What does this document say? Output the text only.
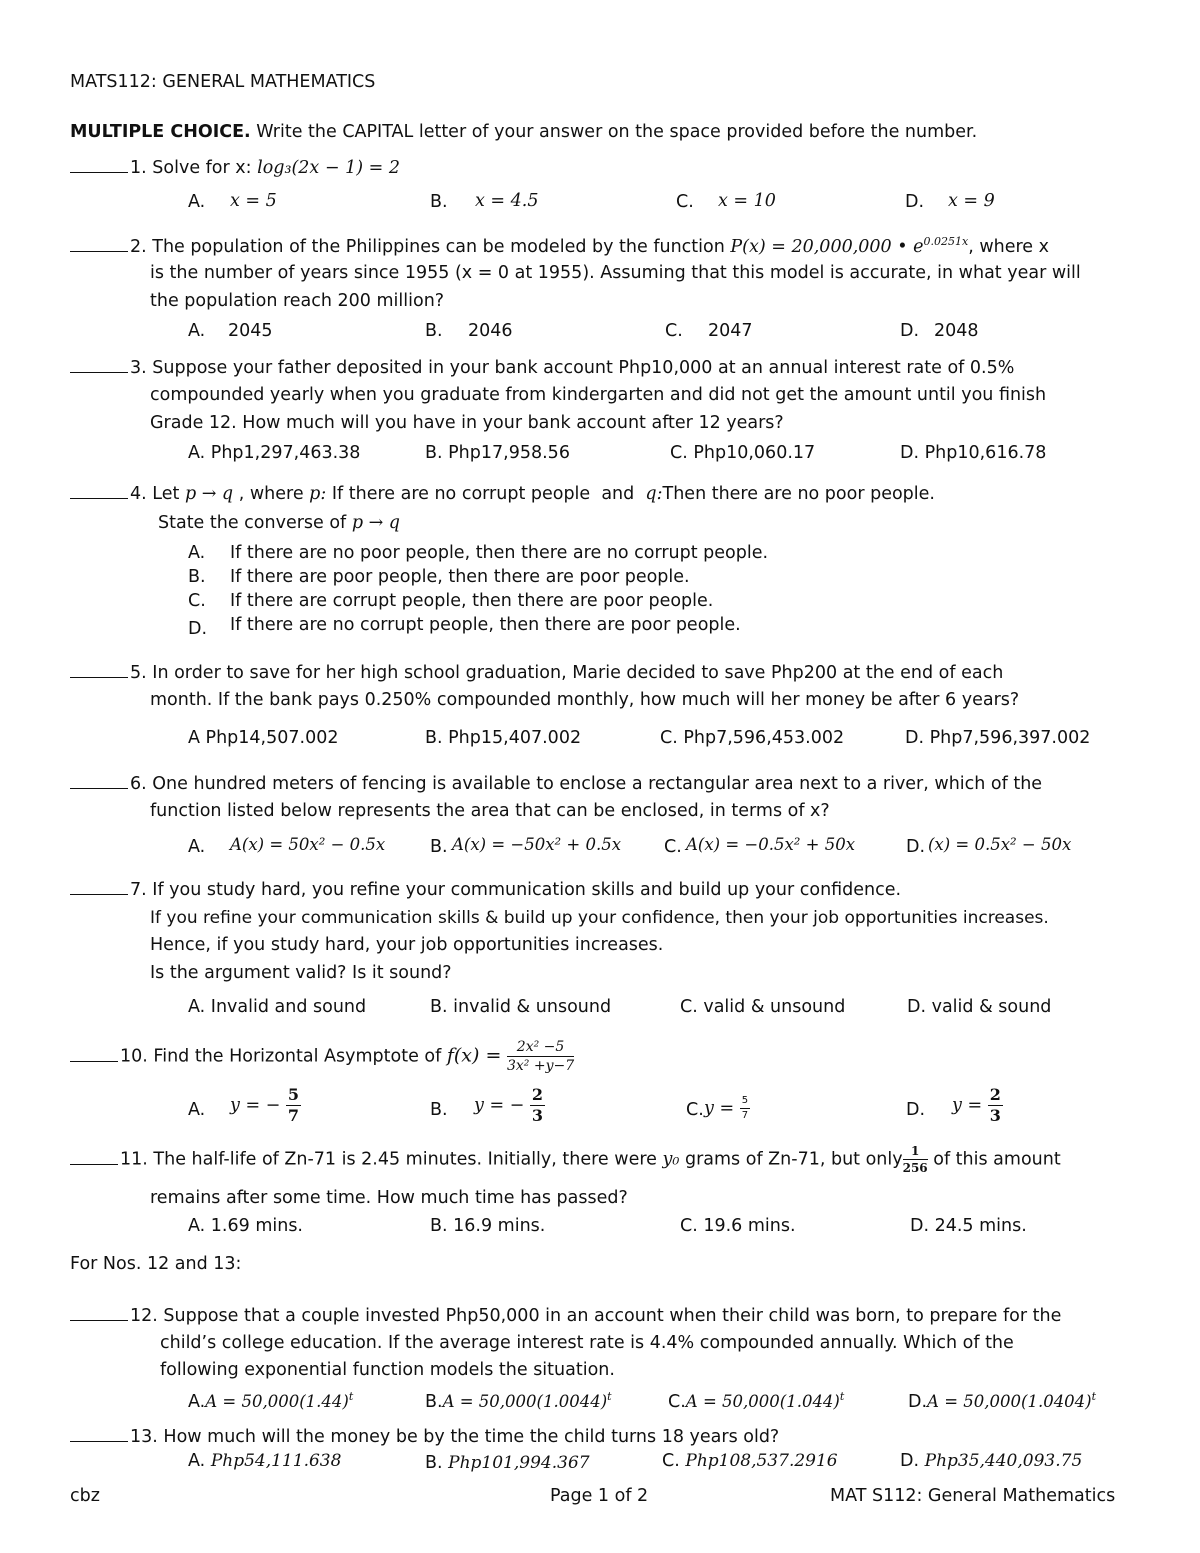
MATS112: GENERAL MATHEMATICS
MULTIPLE CHOICE. Write the CAPITAL letter of your answer on the space provided before the number.
1. Solve for x: log₃(2x − 1) = 2
A. x = 5	B. x = 4.5	C. x = 10	D. x = 9
2. The population of the Philippines can be modeled by the function P(x) = 20,000,000 • $e^{0.0251x}$, where x
is the number of years since 1955 (x = 0 at 1955). Assuming that this model is accurate, in what year will
the population reach 200 million?
A. 2045	B. 2046	C. 2047	D. 2048
3. Suppose your father deposited in your bank account Php10,000 at an annual interest rate of 0.5%
compounded yearly when you graduate from kindergarten and did not get the amount until you finish
Grade 12. How much will you have in your bank account after 12 years?
A. Php1,297,463.38	B. Php17,958.56	C. Php10,060.17	D. Php10,616.78
4. Let p → q , where p: If there are no corrupt people and q:Then there are no poor people.
State the converse of p → q
A. If there are no poor people, then there are no corrupt people.
B. If there are poor people, then there are poor people.
C. If there are corrupt people, then there are poor people.
D. If there are no corrupt people, then there are poor people.
5. In order to save for her high school graduation, Marie decided to save Php200 at the end of each
month. If the bank pays 0.250% compounded monthly, how much will her money be after 6 years?
A Php14,507.002	B. Php15,407.002	C. Php7,596,453.002	D. Php7,596,397.002
6. One hundred meters of fencing is available to enclose a rectangular area next to a river, which of the
function listed below represents the area that can be enclosed, in terms of x?
A. A(x) = 50x² − 0.5x	B. A(x) = −50x² + 0.5x C. A(x) = −0.5x² + 50x	D. (x) = 0.5x² − 50x
7. If you study hard, you refine your communication skills and build up your confidence.
If you refine your communication skills & build up your confidence, then your job opportunities increases.
Hence, if you study hard, your job opportunities increases.
Is the argument valid? Is it sound?
A. Invalid and sound	B. invalid & unsound	C. valid & unsound	D. valid & sound
10. Find the Horizontal Asymptote of $f(x) = \frac{\text{2x² −5}}{\text{3x² +y−7}}$
A. y = − $\frac{5}{7}$	B. y = − $\frac{2}{3}$	C. $y = \frac{5}{7}$	D. $y = \frac{2}{3}$
11. The half-life of Zn-71 is 2.45 minutes. Initially, there were y₀ grams of Zn-71, but only $\frac{1}{256}$ of this amount
remains after some time. How much time has passed?
A. 1.69 mins.	B. 16.9 mins.	C. 19.6 mins.	D. 24.5 mins.
For Nos. 12 and 13:
12. Suppose that a couple invested Php50,000 in an account when their child was born, to prepare for the
child’s college education. If the average interest rate is 4.4% compounded annually. Which of the
following exponential function models the situation.
$A.A = 50,000(1.44)^t$	$B.A = 50,000(1.0044)^t$	$C.A = 50,000(1.044)^t$	$D.A = 50,000(1.0404)^t$
13. How much will the money be by the time the child turns 18 years old?
A. Php54,111.638	B. Php101,994.367	C. Php108,537.2916	D. Php35,440,093.75
cbz	Page 1 of 2	MAT S112: General Mathematics
